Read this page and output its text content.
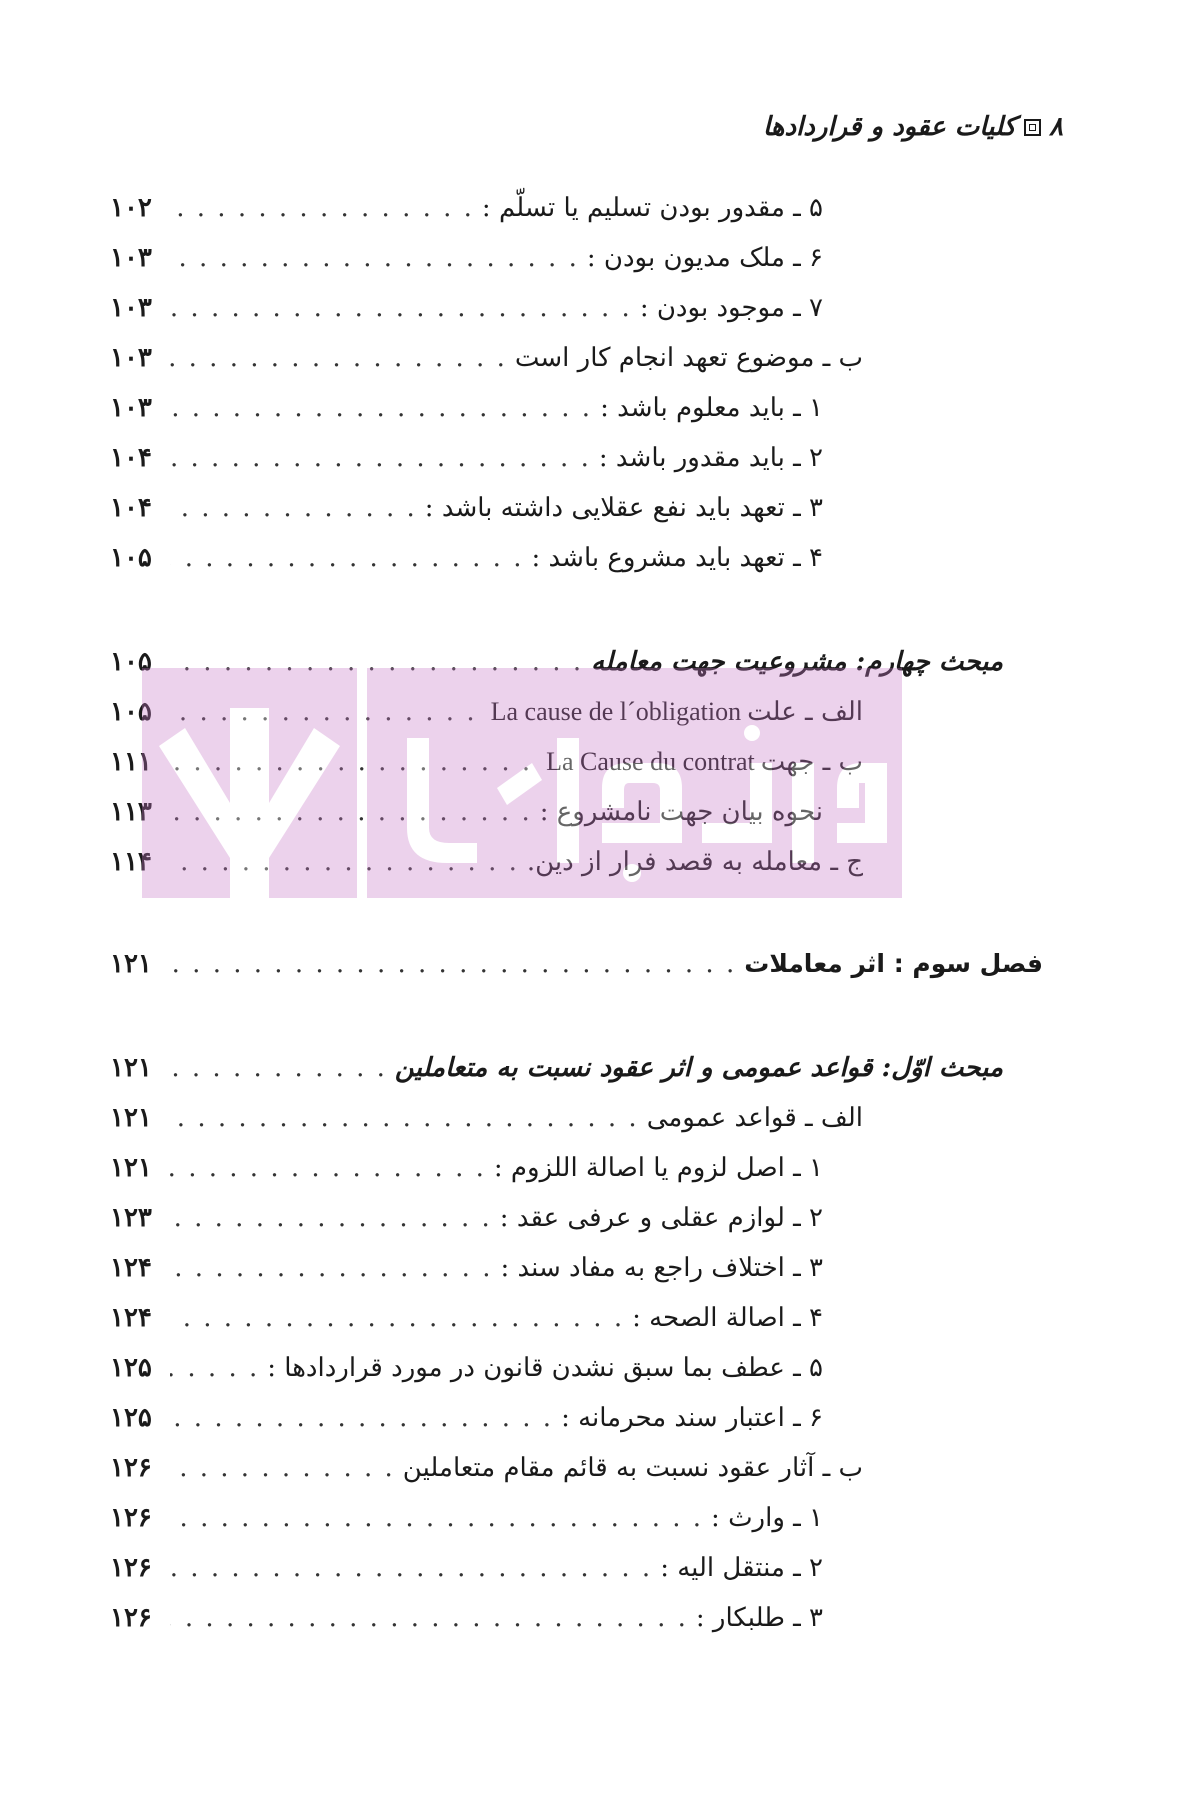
۸
کلیات عقود و قراردادها
۵ ـ مقدور بودن تسلیم یا تسلّم :
. . .
۱۰۲
۶ ـ ملک مدیون بودن :
. . .
۱۰۳
۷ ـ موجود بودن :
. . .
۱۰۳
ب ـ موضوع تعهد انجام کار است
. . .
۱۰۳
۱ ـ باید معلوم باشد :
. . .
۱۰۳
۲ ـ باید مقدور باشد :
. . .
۱۰۴
۳ ـ تعهد باید نفع عقلایی داشته باشد :
. . .
۱۰۴
۴ ـ تعهد باید مشروع باشد :
. . .
۱۰۵
مبحث چهارم: مشروعیت جهت معامله
. . .
۱۰۵
الف ـ علت
La cause de l´obligation
. . .
۱۰۵
ب ـ جهت
La Cause du contrat
. . .
۱۱۱
نحوه بیان جهت نامشروع :
. . .
۱۱۳
ج ـ معامله به قصد فرار از دین.
. . .
۱۱۴
فصل سوم : اثر معاملات
. . .
۱۲۱
مبحث اوّل: قواعد عمومی و اثر عقود نسبت به متعاملین
. . .
۱۲۱
الف ـ قواعد عمومی
. . .
۱۲۱
۱ ـ اصل لزوم یا اصالة اللزوم :
. . .
۱۲۱
۲ ـ لوازم عقلی و عرفی عقد :
. . .
۱۲۳
۳ ـ اختلاف راجع به مفاد سند :
. . .
۱۲۴
۴ ـ اصالة الصحه :
. . .
۱۲۴
۵ ـ عطف بما سبق نشدن قانون در مورد قراردادها :
. . .
۱۲۵
۶ ـ اعتبار سند محرمانه :
. . .
۱۲۵
ب ـ آثار عقود نسبت به قائم مقام متعاملین
. . .
۱۲۶
۱ ـ وارث :
. . .
۱۲۶
۲ ـ منتقل الیه :
. . .
۱۲۶
۳ ـ طلبکار :
. . .
۱۲۶
